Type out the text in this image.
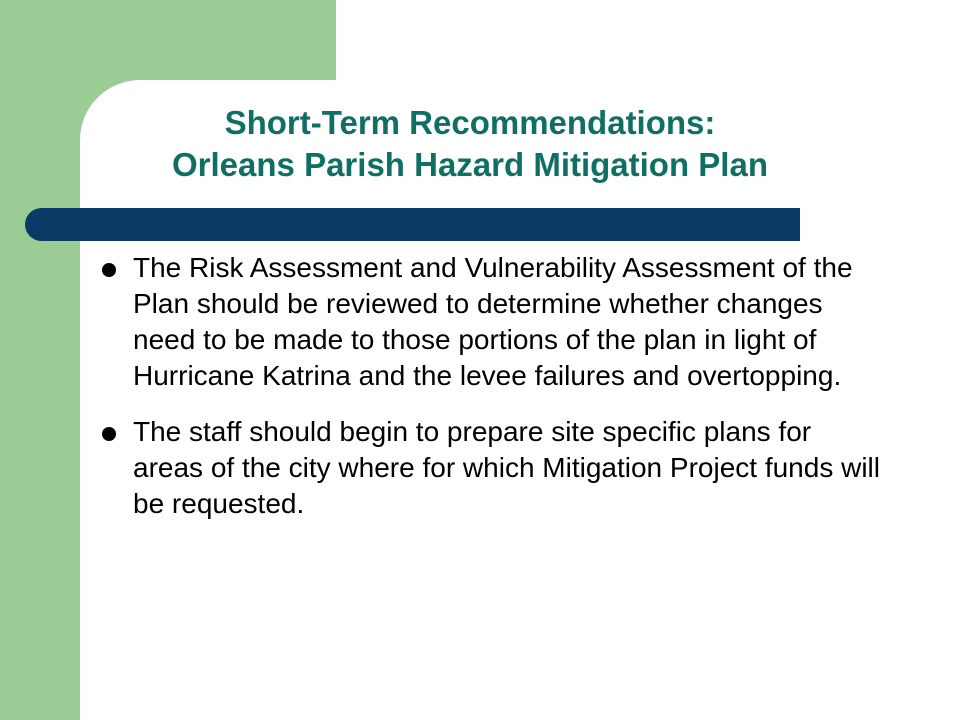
Short-Term Recommendations:
Orleans Parish Hazard Mitigation Plan
The Risk Assessment and Vulnerability Assessment of the Plan should be reviewed to determine whether changes need to be made to those portions of the plan in light of Hurricane Katrina and the levee failures and overtopping.
The staff should begin to prepare site specific plans for areas of the city where for which Mitigation Project funds will be requested.
